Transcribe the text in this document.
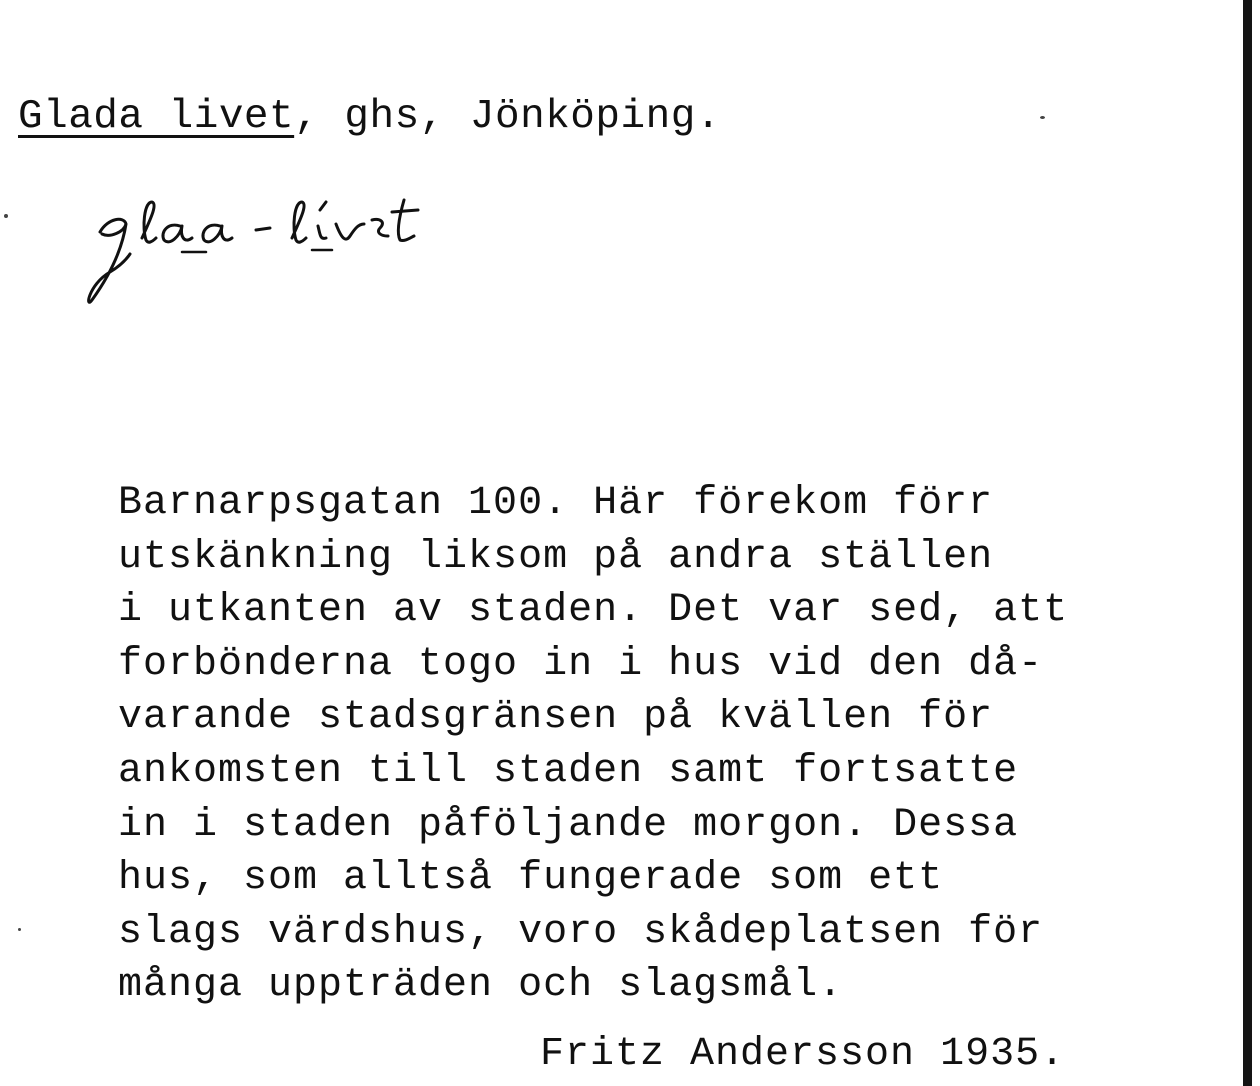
Glada livet, ghs, Jönköping.
Barnarpsgatan 100. Här förekom förr
utskänkning liksom på andra ställen
i utkanten av staden. Det var sed, att
forbönderna togo in i hus vid den då-
varande stadsgränsen på kvällen för
ankomsten till staden samt fortsatte
in i staden påföljande morgon. Dessa
hus, som alltså fungerade som ett
slags värdshus, voro skådeplatsen för
många uppträden och slagsmål.
Fritz Andersson 1935.
